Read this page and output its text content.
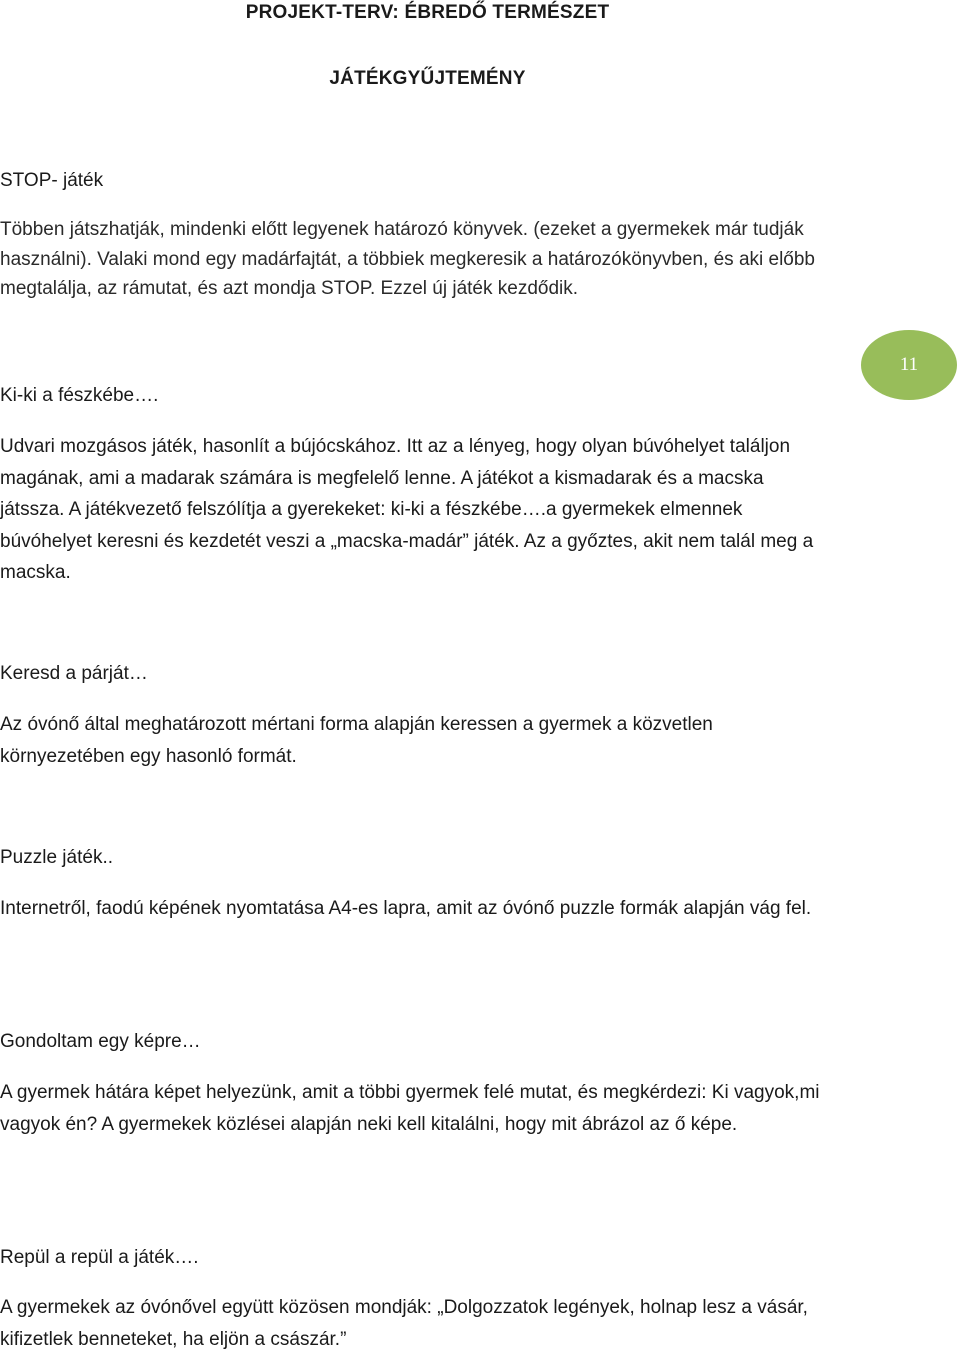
PROJEKT-TERV: ÉBREDŐ TERMÉSZET
JÁTÉKGYŰJTEMÉNY
11
STOP- játék

Többen játszhatják, mindenki előtt legyenek határozó könyvek. (ezeket a gyermekek már tudják használni). Valaki mond egy madárfajtát, a többiek megkeresik a határozókönyvben, és aki előbb megtalálja, az rámutat, és azt mondja STOP. Ezzel új játék kezdődik.

Ki-ki a fészkébe….

Udvari mozgásos játék, hasonlít a bújócskához. Itt az a lényeg, hogy olyan búvóhelyet találjon magának, ami a madarak számára is megfelelő lenne. A játékot a kismadarak és a macska játssza. A játékvezető felszólítja a gyerekeket: ki-ki a fészkébe….a gyermekek elmennek búvóhelyet keresni és kezdetét veszi a „macska-madár” játék. Az a győztes, akit nem talál meg a macska.

Keresd a párját…

Az óvónő által meghatározott mértani forma alapján keressen a gyermek a közvetlen környezetében egy hasonló formát.

Puzzle játék..

Internetről, faodú képének nyomtatása A4-es lapra, amit az óvónő puzzle formák alapján vág fel.

Gondoltam egy képre…

A gyermek hátára képet helyezünk, amit a többi gyermek felé mutat, és megkérdezi: Ki vagyok,mi vagyok én? A gyermekek közlései alapján neki kell kitalálni, hogy mit ábrázol az ő képe.

Repül a repül a játék….

A gyermekek az óvónővel együtt közösen mondják: „Dolgozzatok legények, holnap lesz a vásár, kifizetlek benneteket, ha eljön a császár.”
